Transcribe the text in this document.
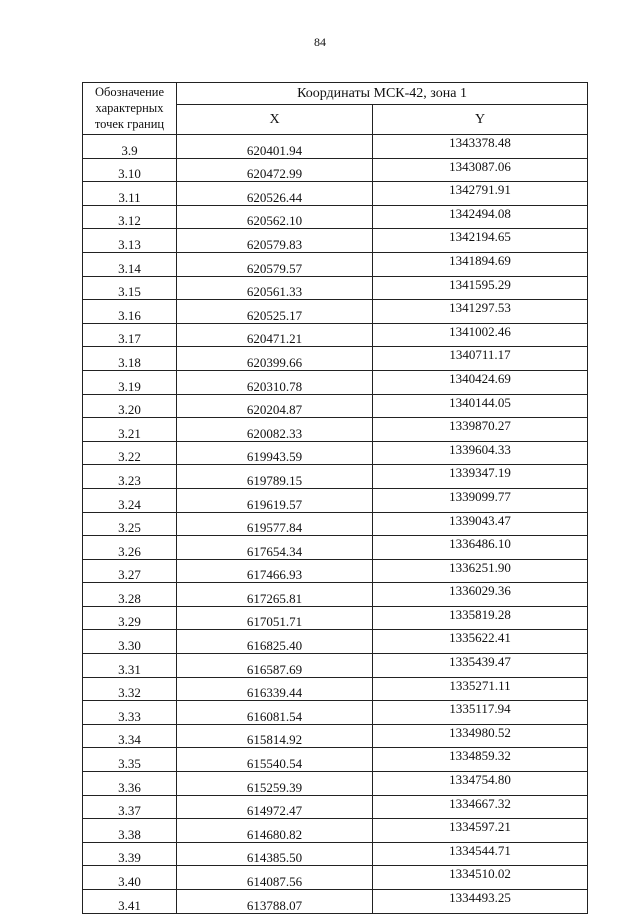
84
Обозначение
характерных
точек границ	Координаты МСК-42, зона 1	
	X	Y
3.9	620401.94	1343378.48
3.10	620472.99	1343087.06
3.11	620526.44	1342791.91
3.12	620562.10	1342494.08
3.13	620579.83	1342194.65
3.14	620579.57	1341894.69
3.15	620561.33	1341595.29
3.16	620525.17	1341297.53
3.17	620471.21	1341002.46
3.18	620399.66	1340711.17
3.19	620310.78	1340424.69
3.20	620204.87	1340144.05
3.21	620082.33	1339870.27
3.22	619943.59	1339604.33
3.23	619789.15	1339347.19
3.24	619619.57	1339099.77
3.25	619577.84	1339043.47
3.26	617654.34	1336486.10
3.27	617466.93	1336251.90
3.28	617265.81	1336029.36
3.29	617051.71	1335819.28
3.30	616825.40	1335622.41
3.31	616587.69	1335439.47
3.32	616339.44	1335271.11
3.33	616081.54	1335117.94
3.34	615814.92	1334980.52
3.35	615540.54	1334859.32
3.36	615259.39	1334754.80
3.37	614972.47	1334667.32
3.38	614680.82	1334597.21
3.39	614385.50	1334544.71
3.40	614087.56	1334510.02
3.41	613788.07	1334493.25
